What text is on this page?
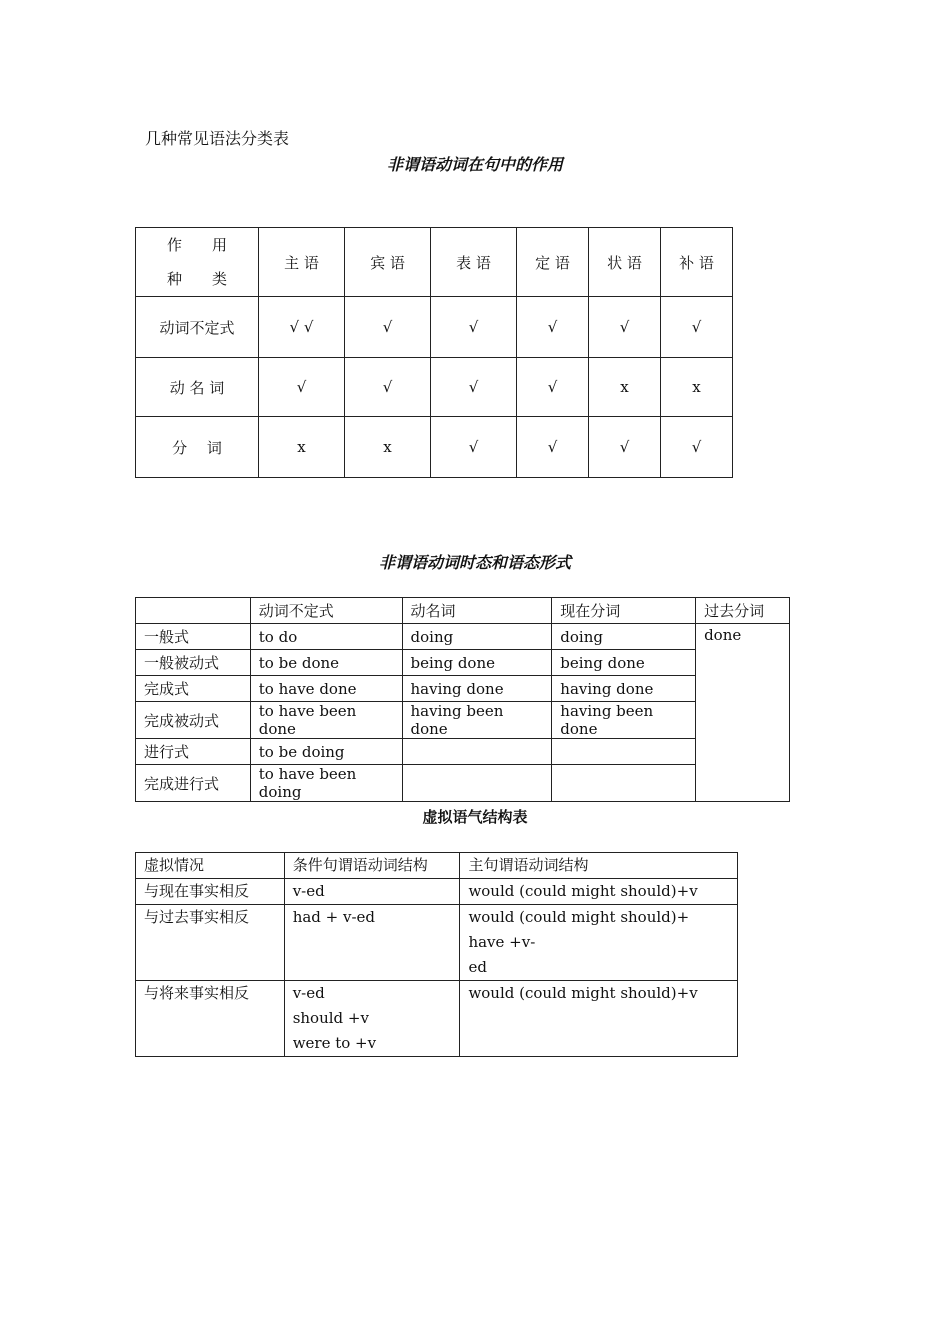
几种常见语法分类表
非谓语动词在句中的作用
作　　用
种　　类	主 语	宾 语	表 语	定 语	状 语	补 语
动词不定式	√ √	√	√	√	√	√
动 名 词	√	√	√	√	x	x
分　 词	x	x	√	√	√	√
非谓语动词时态和语态形式
	动词不定式	动名词	现在分词	过去分词
一般式	to do	doing	doing	done
一般被动式	to be done	being done	being done	
完成式	to have done	having done	having done	
完成被动式	to have been done	having been done	having been done	
进行式	to be doing			
完成进行式	to have been doing			
虚拟语气结构表
虚拟情况	条件句谓语动词结构	主句谓语动词结构
与现在事实相反	v-ed	would (could might should)+v

与过去事实相反	had + v-ed	would (could might should)+ have +v-
ed

与将来事实相反	v-ed
should +v
were to +v	would (could might should)+v
